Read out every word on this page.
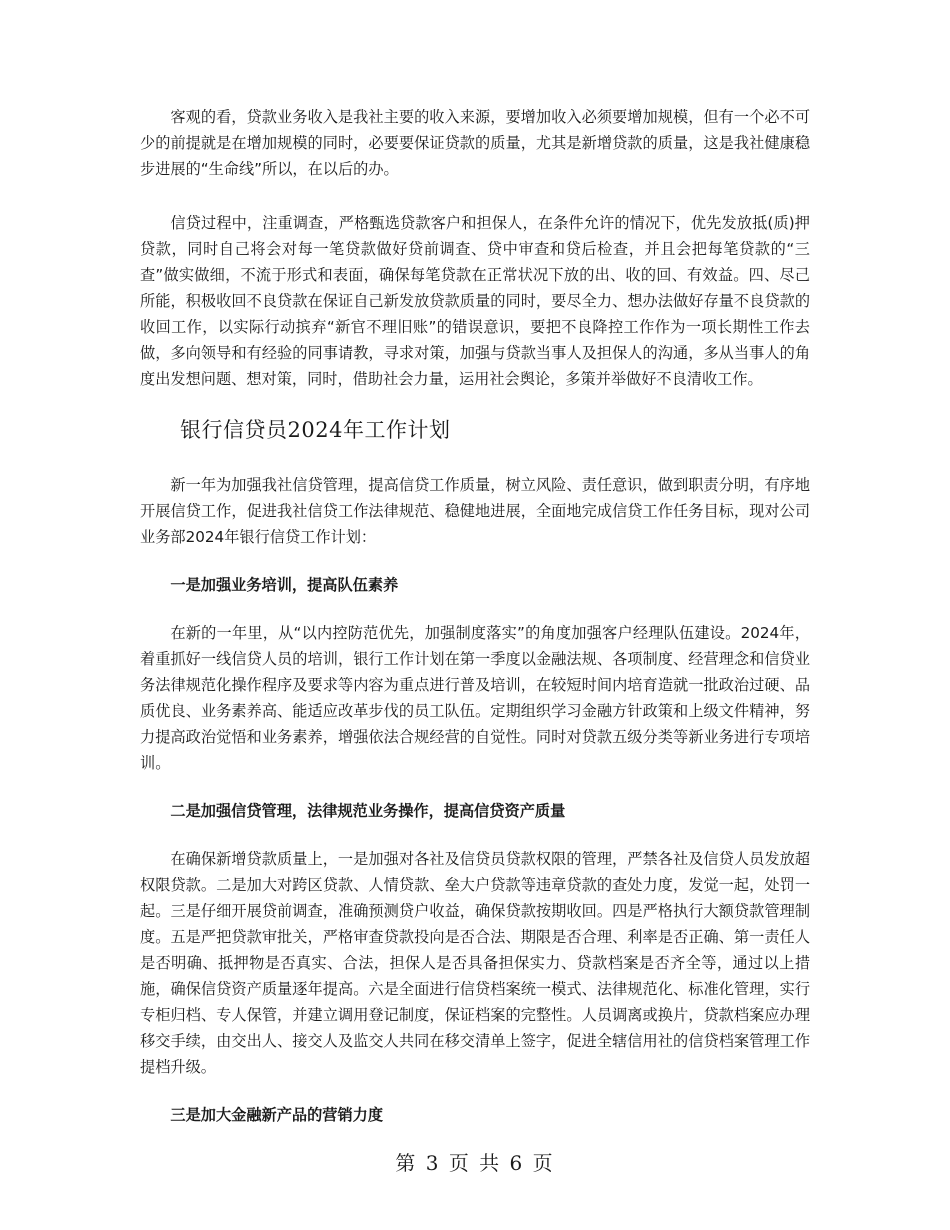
客观的看，贷款业务收入是我社主要的收入来源，要增加收入必须要增加规模，但有一个必不可少的前提就是在增加规模的同时，必要要保证贷款的质量，尤其是新增贷款的质量，这是我社健康稳步进展的“生命线”所以，在以后的办。

信贷过程中，注重调查，严格甄选贷款客户和担保人，在条件允许的情况下，优先发放抵(质)押贷款，同时自己将会对每一笔贷款做好贷前调查、贷中审查和贷后检查，并且会把每笔贷款的“三查”做实做细，不流于形式和表面，确保每笔贷款在正常状况下放的出、收的回、有效益。四、尽己所能，积极收回不良贷款在保证自己新发放贷款质量的同时，要尽全力、想办法做好存量不良贷款的收回工作，以实际行动摈弃“新官不理旧账”的错误意识，要把不良降控工作作为一项长期性工作去做，多向领导和有经验的同事请教，寻求对策，加强与贷款当事人及担保人的沟通，多从当事人的角度出发想问题、想对策，同时，借助社会力量，运用社会舆论，多策并举做好不良清收工作。

银行信贷员2024年工作计划

新一年为加强我社信贷管理，提高信贷工作质量，树立风险、责任意识，做到职责分明，有序地开展信贷工作，促进我社信贷工作法律规范、稳健地进展，全面地完成信贷工作任务目标，现对公司业务部2024年银行信贷工作计划：

一是加强业务培训，提高队伍素养

在新的一年里，从“以内控防范优先，加强制度落实”的角度加强客户经理队伍建设。2024年，着重抓好一线信贷人员的培训，银行工作计划在第一季度以金融法规、各项制度、经营理念和信贷业务法律规范化操作程序及要求等内容为重点进行普及培训，在较短时间内培育造就一批政治过硬、品质优良、业务素养高、能适应改革步伐的员工队伍。定期组织学习金融方针政策和上级文件精神，努力提高政治觉悟和业务素养，增强依法合规经营的自觉性。同时对贷款五级分类等新业务进行专项培训。

二是加强信贷管理，法律规范业务操作，提高信贷资产质量

在确保新增贷款质量上，一是加强对各社及信贷员贷款权限的管理，严禁各社及信贷人员发放超权限贷款。二是加大对跨区贷款、人情贷款、垒大户贷款等违章贷款的查处力度，发觉一起，处罚一起。三是仔细开展贷前调查，准确预测贷户收益，确保贷款按期收回。四是严格执行大额贷款管理制度。五是严把贷款审批关，严格审查贷款投向是否合法、期限是否合理、利率是否正确、第一责任人是否明确、抵押物是否真实、合法，担保人是否具备担保实力、贷款档案是否齐全等，通过以上措施，确保信贷资产质量逐年提高。六是全面进行信贷档案统一模式、法律规范化、标准化管理，实行专柜归档、专人保管，并建立调用登记制度，保证档案的完整性。人员调离或换片，贷款档案应办理移交手续，由交出人、接交人及监交人共同在移交清单上签字，促进全辖信用社的信贷档案管理工作提档升级。

三是加大金融新产品的营销力度
第 3 页 共 6 页
